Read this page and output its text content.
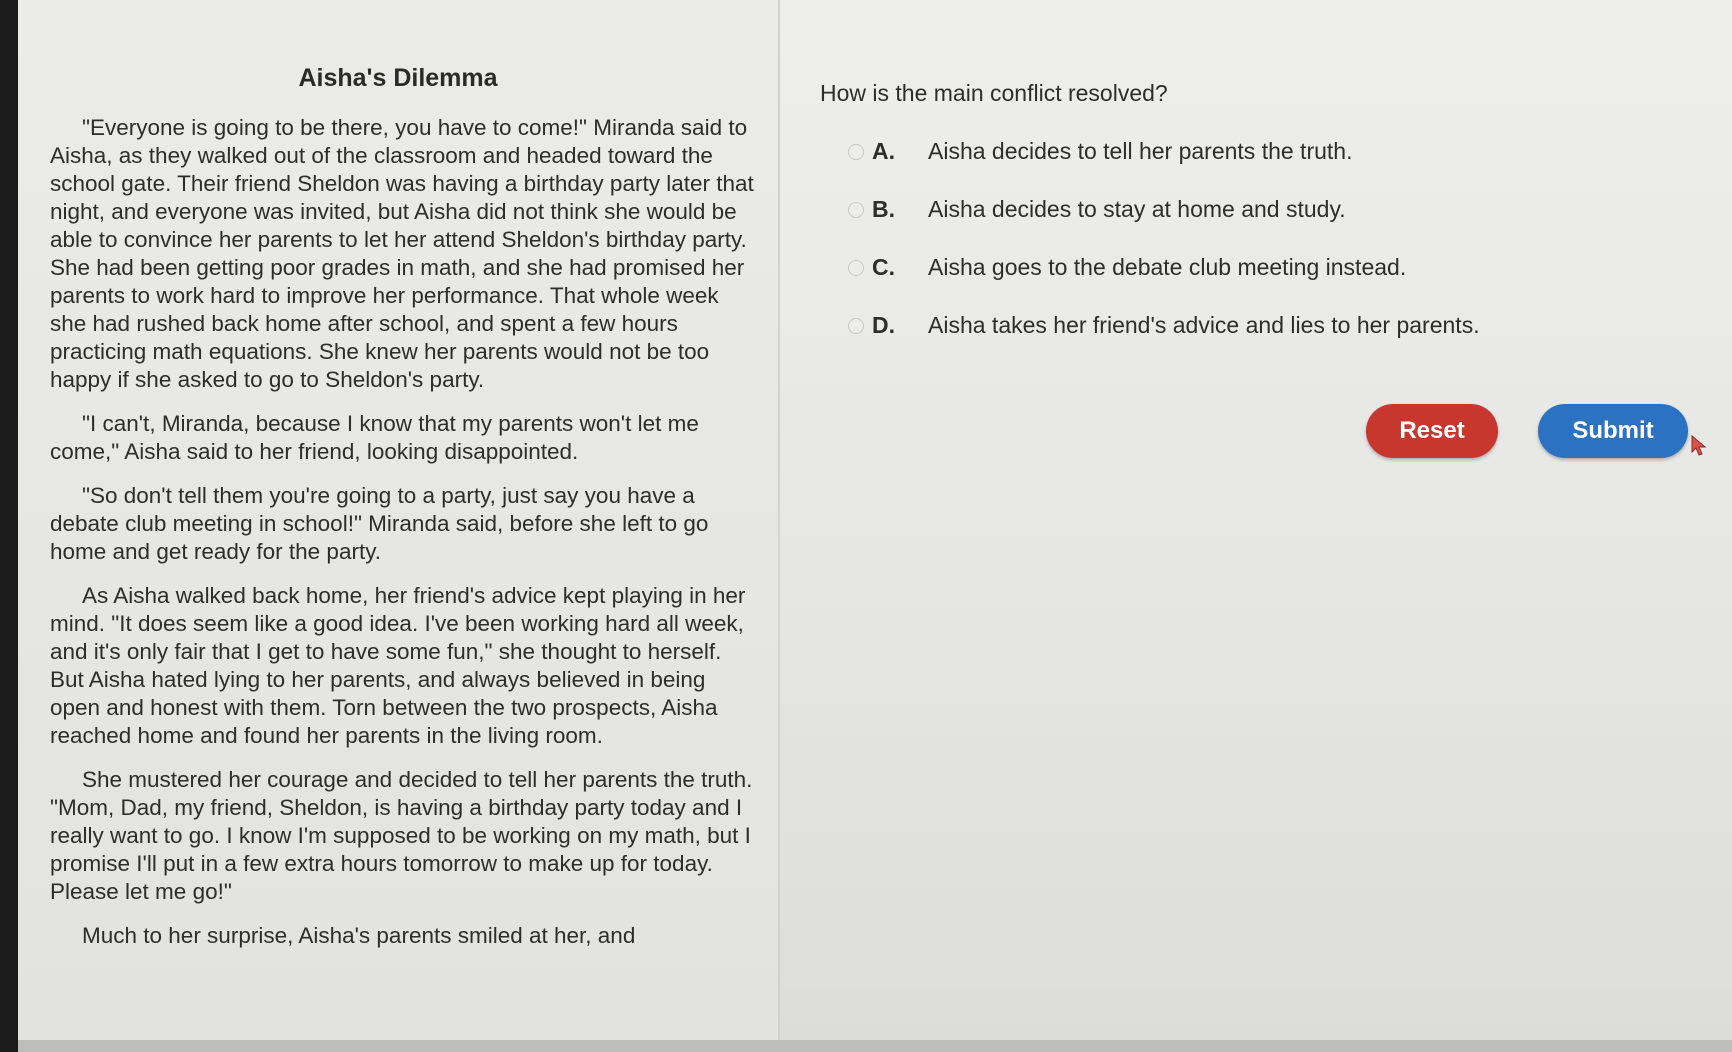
Aisha's Dilemma

"Everyone is going to be there, you have to come!" Miranda said to Aisha, as they walked out of the classroom and headed toward the school gate. Their friend Sheldon was having a birthday party later that night, and everyone was invited, but Aisha did not think she would be able to convince her parents to let her attend Sheldon's birthday party. She had been getting poor grades in math, and she had promised her parents to work hard to improve her performance. That whole week she had rushed back home after school, and spent a few hours practicing math equations. She knew her parents would not be too happy if she asked to go to Sheldon's party.

"I can't, Miranda, because I know that my parents won't let me come," Aisha said to her friend, looking disappointed.

"So don't tell them you're going to a party, just say you have a debate club meeting in school!" Miranda said, before she left to go home and get ready for the party.

As Aisha walked back home, her friend's advice kept playing in her mind. "It does seem like a good idea. I've been working hard all week, and it's only fair that I get to have some fun," she thought to herself. But Aisha hated lying to her parents, and always believed in being open and honest with them. Torn between the two prospects, Aisha reached home and found her parents in the living room.

She mustered her courage and decided to tell her parents the truth. "Mom, Dad, my friend, Sheldon, is having a birthday party today and I really want to go. I know I'm supposed to be working on my math, but I promise I'll put in a few extra hours tomorrow to make up for today. Please let me go!"

Much to her surprise, Aisha's parents smiled at her, and

How is the main conflict resolved?
A.	Aisha decides to tell her parents the truth.
B.	Aisha decides to stay at home and study.
C.	Aisha goes to the debate club meeting instead.
D.	Aisha takes her friend's advice and lies to her parents.
Reset	Submit
